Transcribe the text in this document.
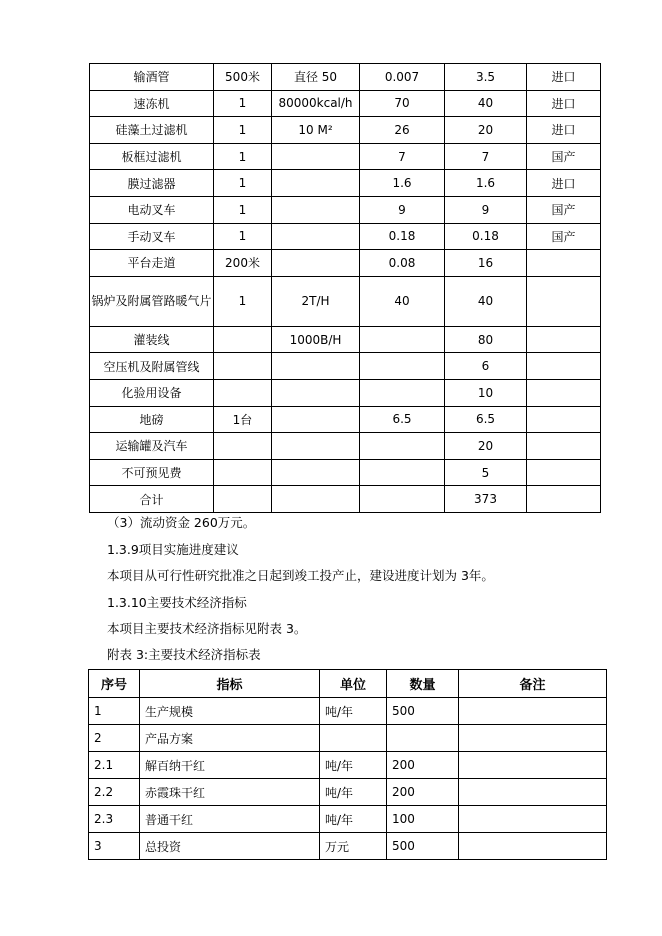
输酒管	500米	直径 50	0.007	3.5	进口
速冻机	1	80000kcal/h	70	40	进口
硅藻土过滤机	1	10 M²	26	20	进口
板框过滤机	1		7	7	国产
膜过滤器	1		1.6	1.6	进口
电动叉车	1		9	9	国产
手动叉车	1		0.18	0.18	国产
平台走道	200米		0.08	16	
锅炉及附属管路暖气片	1	2T/H	40	40	
灌装线		1000B/H		80	
空压机及附属管线				6	
化验用设备				10	
地磅	1台		6.5	6.5	
运输罐及汽车				20	
不可预见费				5	
合计				373	
（3）流动资金 260万元。
1.3.9项目实施进度建议
本项目从可行性研究批准之日起到竣工投产止，建设进度计划为 3年。
1.3.10主要技术经济指标
本项目主要技术经济指标见附表 3。
附表 3:主要技术经济指标表
序号	指标	单位	数量	备注
1	生产规模	吨/年	500	
2	产品方案			
2.1	解百纳干红	吨/年	200	
2.2	赤霞珠干红	吨/年	200	
2.3	普通干红	吨/年	100	
3	总投资	万元	500	
